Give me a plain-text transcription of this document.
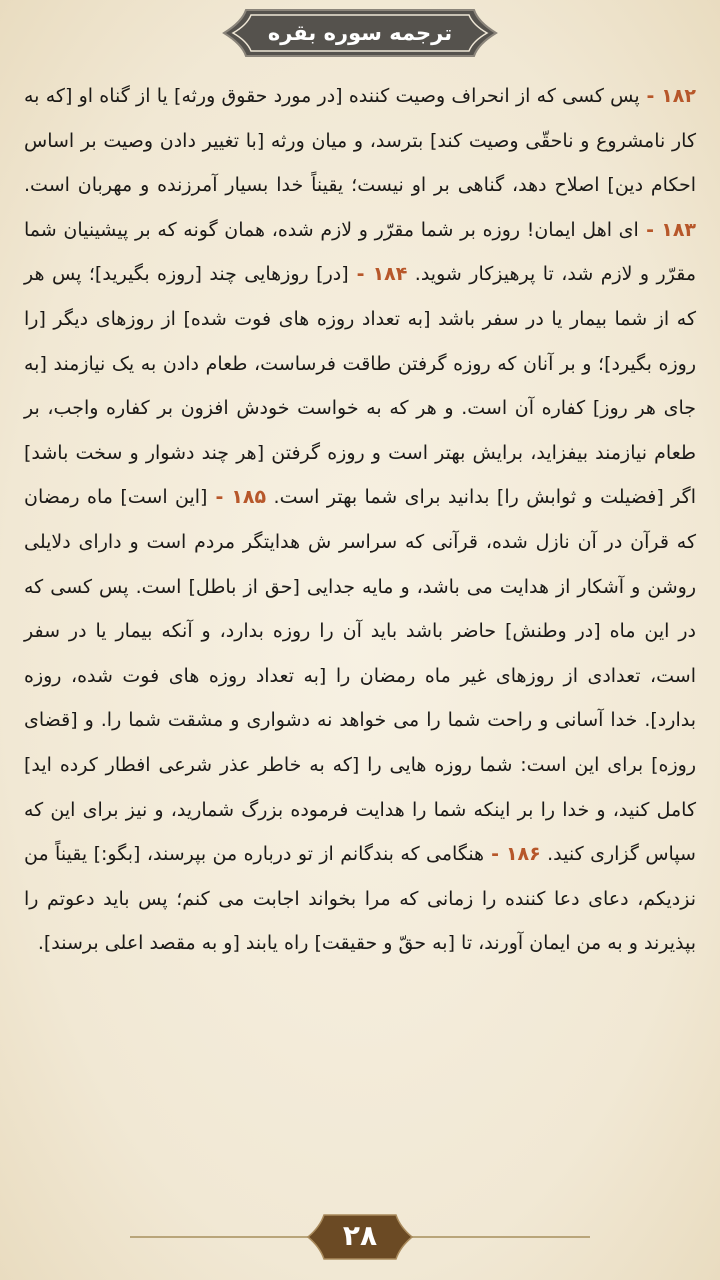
ترجمه سوره بقره
۱۸۲ - پس کسی که از انحراف وصیت کننده [در مورد حقوق ورثه] یا از گناه او [که به کار نامشروع و ناحقّی وصیت کند] بترسد، و میان ورثه [با تغییر دادن وصیت بر اساس احکام دین] اصلاح دهد، گناهی بر او نیست؛ یقیناً خدا بسیار آمرزنده و مهربان است. ۱۸۳ - ای اهل ایمان! روزه بر شما مقرّر و لازم شده، همان گونه که بر پیشینیان شما مقرّر و لازم شد، تا پرهیزکار شوید. ۱۸۴ - [در] روزهایی چند [روزه بگیرید]؛ پس هر که از شما بیمار یا در سفر باشد [به تعداد روزه های فوت شده] از روزهای دیگر [را روزه بگیرد]؛ و بر آنان که روزه گرفتن طاقت فرساست، طعام دادن به یک نیازمند [به جای هر روز] کفاره آن است. و هر که به خواست خودش افزون بر کفاره واجب، بر طعام نیازمند بیفزاید، برایش بهتر است و روزه گرفتن [هر چند دشوار و سخت باشد] اگر [فضیلت و ثوابش را] بدانید برای شما بهتر است. ۱۸۵ - [این است] ماه رمضان که قرآن در آن نازل شده، قرآنی که سراسر ش هدایتگر مردم است و دارای دلایلی روشن و آشکار از هدایت می باشد، و مایه جدایی [حق از باطل] است. پس کسی که در این ماه [در وطنش] حاضر باشد باید آن را روزه بدارد، و آنکه بیمار یا در سفر است، تعدادی از روزهای غیر ماه رمضان را [به تعداد روزه های فوت شده، روزه بدارد]. خدا آسانی و راحت شما را می خواهد نه دشواری و مشقت شما را. و [قضای روزه] برای این است: شما روزه هایی را [که به خاطر عذر شرعی افطار کرده اید] کامل کنید، و خدا را بر اینکه شما را هدایت فرموده بزرگ شمارید، و نیز برای این که سپاس گزاری کنید. ۱۸۶ - هنگامی که بندگانم از تو درباره من بپرسند، [بگو:] یقیناً من نزدیکم، دعای دعا کننده را زمانی که مرا بخواند اجابت می کنم؛ پس باید دعوتم را بپذیرند و به من ایمان آورند، تا [به حقّ و حقیقت] راه یابند [و به مقصد اعلی برسند].
۲۸
